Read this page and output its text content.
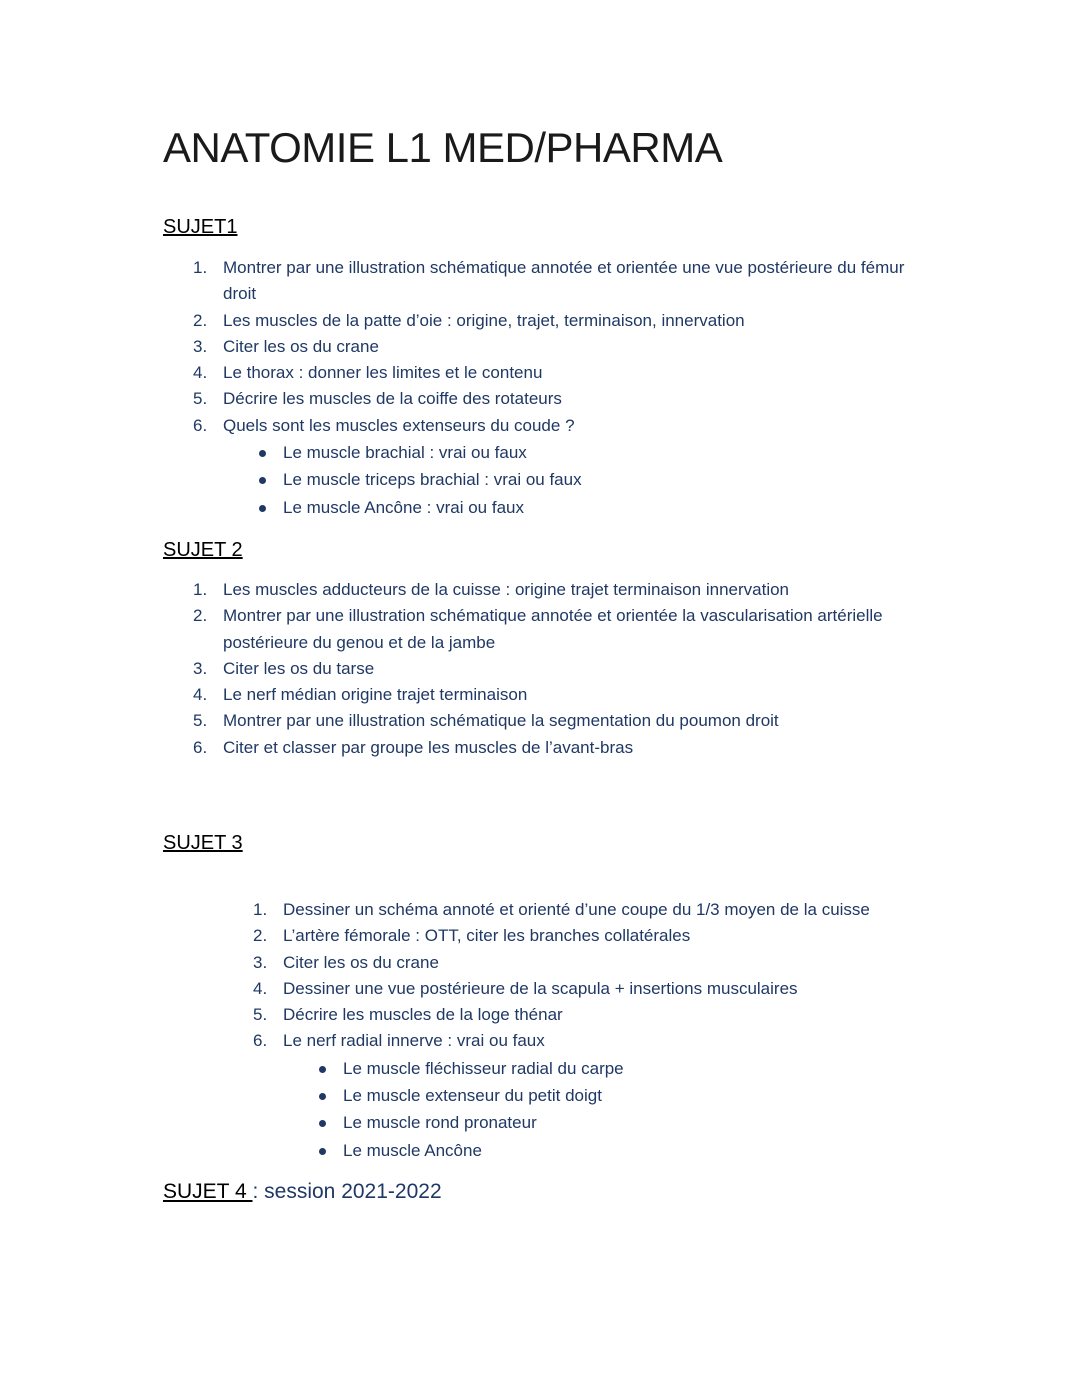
ANATOMIE L1 MED/PHARMA
SUJET1
1. Montrer par une illustration schématique annotée et orientée une vue postérieure du fémur droit
2. Les muscles de la patte d’oie : origine, trajet, terminaison, innervation
3. Citer les os du crane
4. Le thorax : donner les limites et le contenu
5. Décrire les muscles de la coiffe des rotateurs
6. Quels sont les muscles extenseurs du coude ?
Le muscle brachial : vrai ou faux
Le muscle triceps brachial : vrai ou faux
Le muscle Ancône : vrai ou faux
SUJET 2
1. Les muscles adducteurs de la cuisse : origine trajet terminaison innervation
2. Montrer par une illustration schématique annotée et orientée la vascularisation artérielle postérieure du genou et de la jambe
3. Citer les os du tarse
4. Le nerf médian origine trajet terminaison
5. Montrer par une illustration schématique la segmentation du poumon droit
6. Citer et classer par groupe les muscles de l’avant-bras
SUJET 3
1. Dessiner un schéma annoté et orienté d’une coupe du 1/3 moyen de la cuisse
2. L’artère fémorale : OTT, citer les branches collatérales
3. Citer les os du crane
4. Dessiner une vue postérieure de la scapula + insertions musculaires
5. Décrire les muscles de la loge thénar
6. Le nerf radial innerve : vrai ou faux
Le muscle fléchisseur radial du carpe
Le muscle extenseur du petit doigt
Le muscle rond pronateur
Le muscle Ancône
SUJET 4 : session 2021-2022
